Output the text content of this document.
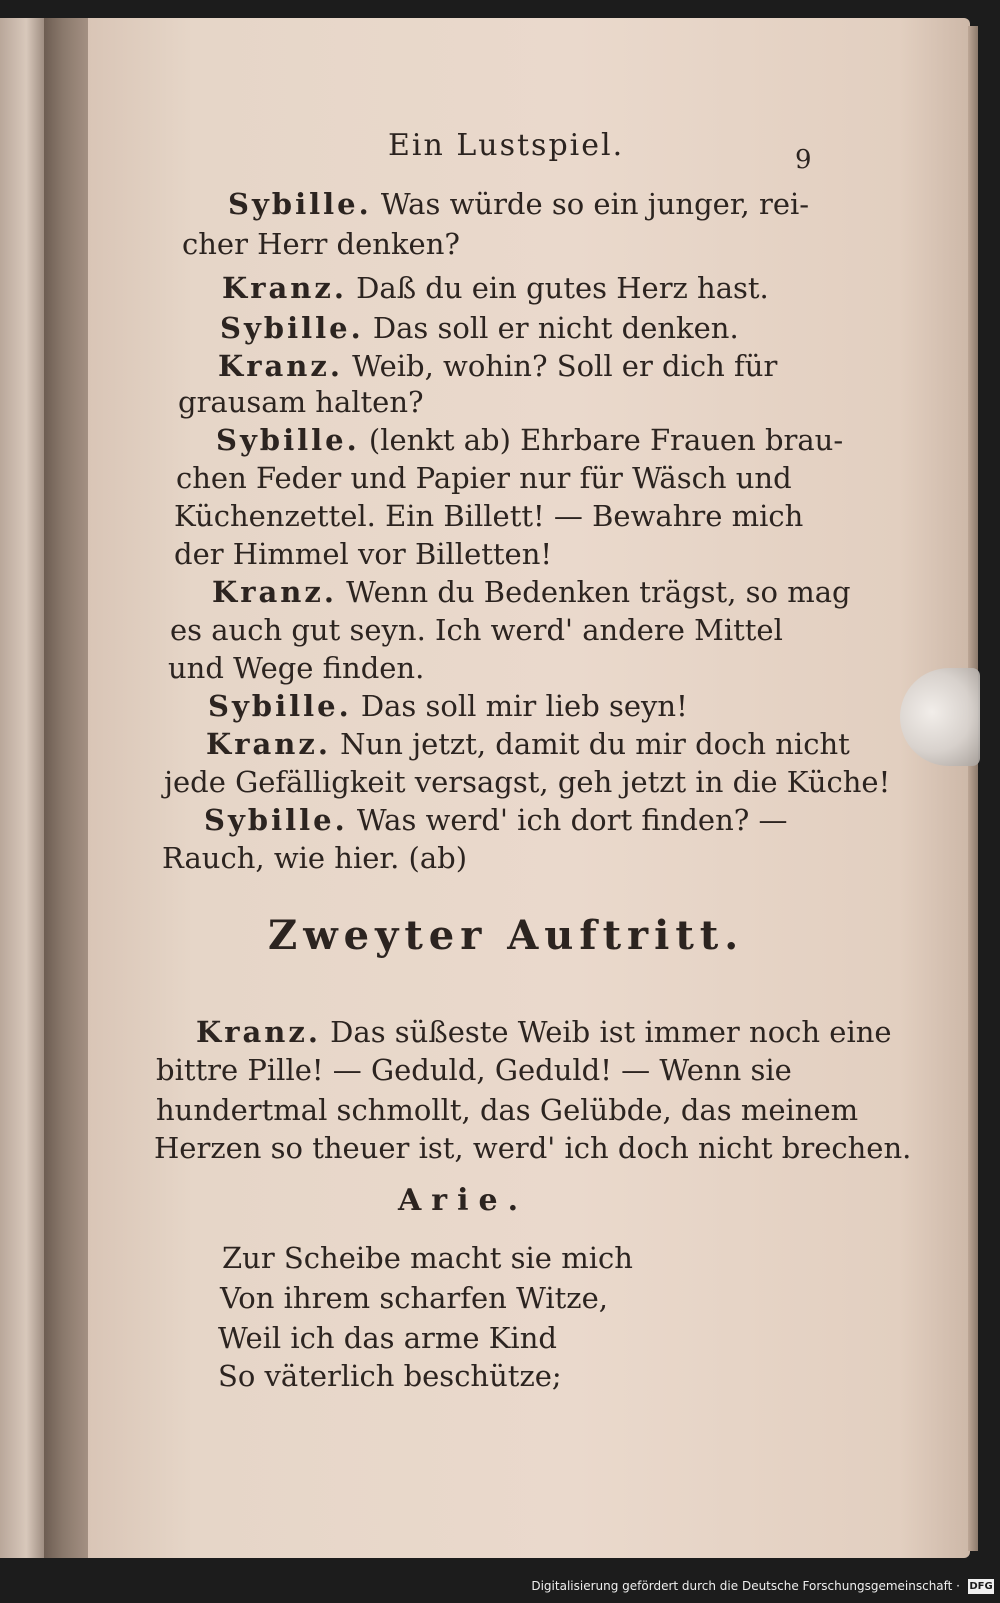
Ein Lustspiel.	9
Sybille. Was würde so ein junger, rei-
cher Herr denken?
Kranz. Daß du ein gutes Herz hast.
Sybille. Das soll er nicht denken.
Kranz. Weib, wohin? Soll er dich für
grausam halten?
Sybille. (lenkt ab) Ehrbare Frauen brau-
chen Feder und Papier nur für Wäsch und
Küchenzettel. Ein Billett! — Bewahre mich
der Himmel vor Billetten!
Kranz. Wenn du Bedenken trägst, so mag
es auch gut seyn. Ich werd' andere Mittel
und Wege finden.
Sybille. Das soll mir lieb seyn!
Kranz. Nun jetzt, damit du mir doch nicht
jede Gefälligkeit versagst, geh jetzt in die Küche!
Sybille. Was werd' ich dort finden? —
Rauch, wie hier. (ab)
Zweyter Auftritt.
Kranz. Das süßeste Weib ist immer noch eine
bittre Pille! — Geduld, Geduld! — Wenn sie
hundertmal schmollt, das Gelübde, das meinem
Herzen so theuer ist, werd' ich doch nicht brechen.
Arie.
Zur Scheibe macht sie mich
Von ihrem scharfen Witze,
Weil ich das arme Kind
So väterlich beschütze;
Digitalisierung gefördert durch die Deutsche Forschungsgemeinschaft · DFG
